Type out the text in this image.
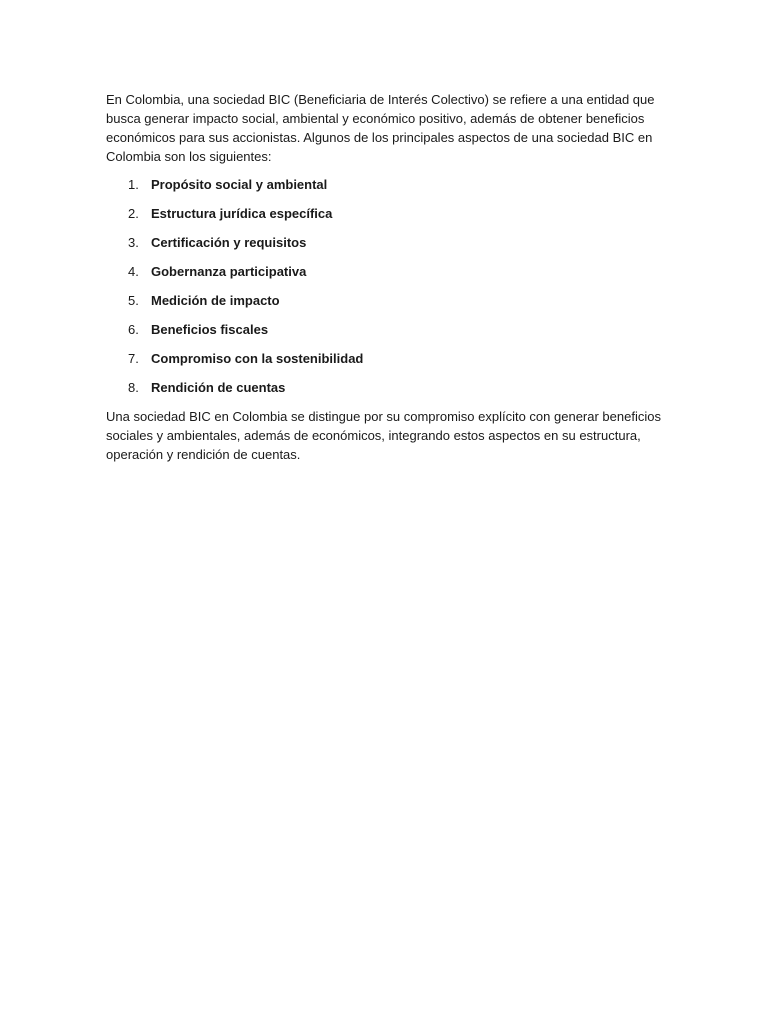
En Colombia, una sociedad BIC (Beneficiaria de Interés Colectivo) se refiere a una entidad que busca generar impacto social, ambiental y económico positivo, además de obtener beneficios económicos para sus accionistas. Algunos de los principales aspectos de una sociedad BIC en Colombia son los siguientes:

1. Propósito social y ambiental
2. Estructura jurídica específica
3. Certificación y requisitos
4. Gobernanza participativa
5. Medición de impacto
6. Beneficios fiscales
7. Compromiso con la sostenibilidad
8. Rendición de cuentas

Una sociedad BIC en Colombia se distingue por su compromiso explícito con generar beneficios sociales y ambientales, además de económicos, integrando estos aspectos en su estructura, operación y rendición de cuentas.
